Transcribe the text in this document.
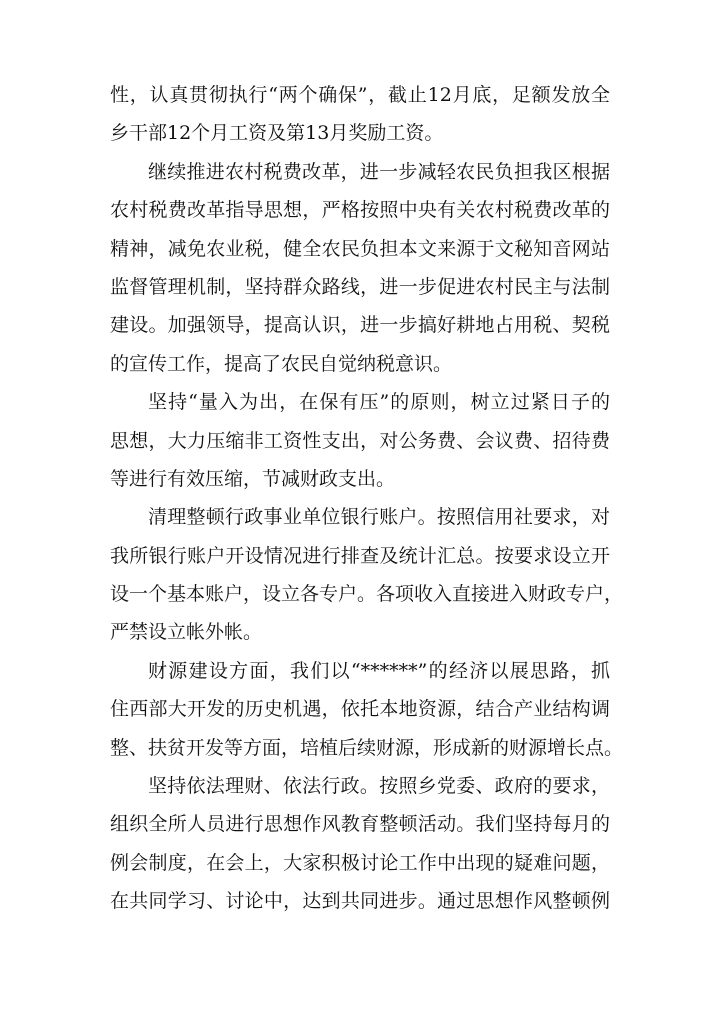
性，认真贯彻执行“两个确保”，截止12月底，足额发放全
乡干部12个月工资及第13月奖励工资。
继续推进农村税费改革，进一步减轻农民负担我区根据
农村税费改革指导思想，严格按照中央有关农村税费改革的
精神，减免农业税，健全农民负担本文来源于文秘知音网站
监督管理机制，坚持群众路线，进一步促进农村民主与法制
建设。加强领导，提高认识，进一步搞好耕地占用税、契税
的宣传工作，提高了农民自觉纳税意识。
坚持“量入为出，在保有压”的原则，树立过紧日子的
思想，大力压缩非工资性支出，对公务费、会议费、招待费
等进行有效压缩，节减财政支出。
清理整顿行政事业单位银行账户。按照信用社要求，对
我所银行账户开设情况进行排查及统计汇总。按要求设立开
设一个基本账户，设立各专户。各项收入直接进入财政专户，
严禁设立帐外帐。
财源建设方面，我们以“******”的经济以展思路，抓
住西部大开发的历史机遇，依托本地资源，结合产业结构调
整、扶贫开发等方面，培植后续财源，形成新的财源增长点。
坚持依法理财、依法行政。按照乡党委、政府的要求，
组织全所人员进行思想作风教育整顿活动。我们坚持每月的
例会制度，在会上，大家积极讨论工作中出现的疑难问题，
在共同学习、讨论中，达到共同进步。通过思想作风整顿例
